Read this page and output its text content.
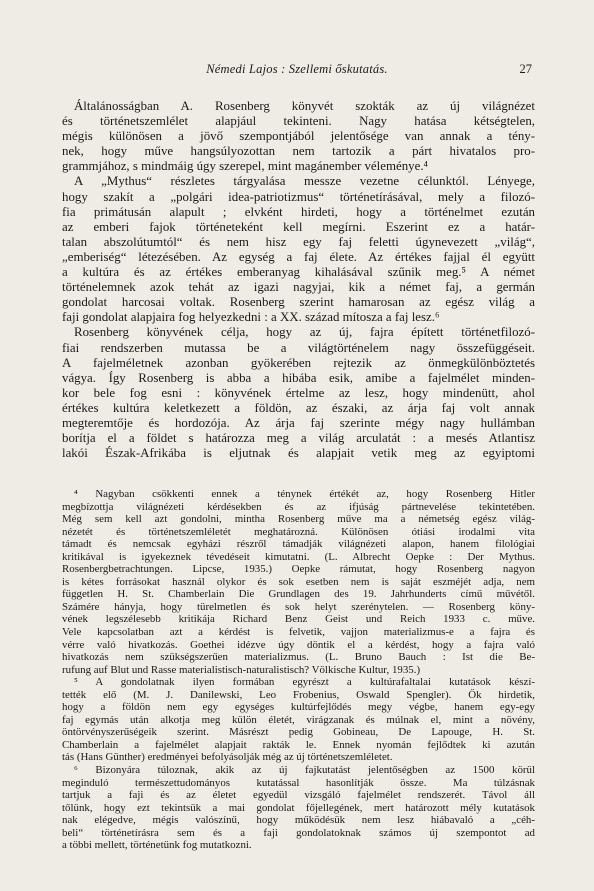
Némedi Lajos : Szellemi őskutatás.	27
Általánosságban A. Rosenberg könyvét szokták az új világnézet
és történetszemlélet alapjául tekinteni. Nagy hatása kétségtelen,
mégis különösen a jövő szempontjából jelentősége van annak a tény-
nek, hogy műve hangsúlyozottan nem tartozik a párt hivatalos pro-
grammjához, s mindmáig úgy szerepel, mint magánember véleménye.⁴
A „Mythus“ részletes tárgyalása messze vezetne célunktól. Lényege,
hogy szakít a „polgári idea-patriotizmus“ történetírásával, mely a filozó-
fia primátusán alapult ; elvként hirdeti, hogy a történelmet ezután
az emberi fajok történeteként kell megírni. Eszerint ez a határ-
talan abszolútumtól“ és nem hisz egy faj feletti úgynevezett „világ“,
„emberiség“ létezésében. Az egység a faj élete. Az értékes fajjal él együtt
a kultúra és az értékes emberanyag kihalásával szűnik meg.⁵ A német
történelemnek azok tehát az igazi nagyjai, kik a német faj, a germán
gondolat harcosai voltak. Rosenberg szerint hamarosan az egész világ a
faji gondolat alapjaira fog helyezkedni : a XX. század mítosza a faj lesz.⁶
Rosenberg könyvének célja, hogy az új, fajra épített történetfilozó-
fiai rendszerben mutassa be a világtörténelem nagy összefüggéseit.
A fajelméletnek azonban gyökerében rejtezik az önmegkülönböztetés
vágya. Így Rosenberg is abba a hibába esik, amibe a fajelmélet minden-
kor bele fog esni : könyvének értelme az lesz, hogy mindenütt, ahol
értékes kultúra keletkezett a földön, az északi, az árja faj volt annak
megteremtője és hordozója. Az árja faj szerinte mégy nagy hullámban
borítja el a földet s határozza meg a világ arculatát : a mesés Atlantisz
lakói Észak-Afrikába is eljutnak és alapjait vetik meg az egyiptomi
⁴ Nagyban csökkenti ennek a ténynek értékét az, hogy Rosenberg Hitler
megbízottja világnézeti kérdésekben és az ifjúság pártnevelése tekintetében.
Még sem kell azt gondolni, mintha Rosenberg műve ma a németség egész világ-
nézetét és történetszemléletét meghatározná. Különösen ótiási irodalmi vita
támadt és nemcsak egyházi részről támadják világnézeti alapon, hanem filológiai
kritikával is igyekeznek tévedéseit kimutatni. (L. Albrecht Oepke : Der Mythus.
Rosenbergbetrachtungen. Lipcse, 1935.) Oepke rámutat, hogy Rosenberg nagyon
is kétes forrásokat használ olykor és sok esetben nem is saját eszméjét adja, nem
független H. St. Chamberlain Die Grundlagen des 19. Jahrhunderts című művétől.
Számére hányja, hogy türelmetlen és sok helyt szerénytelen. — Rosenberg köny-
vének legszélesebb kritikája Richard Benz Geist und Reich 1933 c. műve.
Vele kapcsolatban azt a kérdést is felvetik, vajjon materializmus-e a fajra és
vérre való hivatkozás. Goethei idézve úgy döntik el a kérdést, hogy a fajra való
hivatkozás nem szükségszerűen materializmus. (L. Bruno Bauch : Ist die Be-
rufung auf Blut und Rasse materialistisch-naturalistisch? Völkische Kultur, 1935.)
⁵ A gondolatnak ilyen formában egyrészt a kultúrafaltalai kutatások készí-
tették elő (M. J. Danilewski, Leo Frobenius, Oswald Spengler). Ők hirdetik,
hogy a földön nem egy egységes kultúrfejlődés megy végbe, hanem egy-egy
faj egymás után alkotja meg külön életét, virágzanak és múlnak el, mint a növény,
öntörvényszerűségeik szerint. Másrészt pedig Gobineau, De Lapouge, H. St.
Chamberlain a fajelmélet alapjait rakták le. Ennek nyomán fejlődtek ki azután
tás (Hans Günther) eredményei befolyásolják még az új történetszemléletet.
⁶ Bizonyára túloznak, akik az új fajkutatást jelentőségben az 1500 körül
meginduló természettudományos kutatással hasonlítják össze. Ma túlzásnak
tartjuk a faji és az életet egyedül vizsgáló fajelmélet rendszerét. Távol áll
tőlünk, hogy ezt tekintsük a mai gondolat főjellegének, mert határozott mély kutatások
nak elégedve, mégis valószínű, hogy működésük nem lesz hiábavaló a „céh-
beli“ történetírásra sem és a faji gondolatoknak számos új szempontot ad
a többi mellett, történetünk fog mutatkozni.
